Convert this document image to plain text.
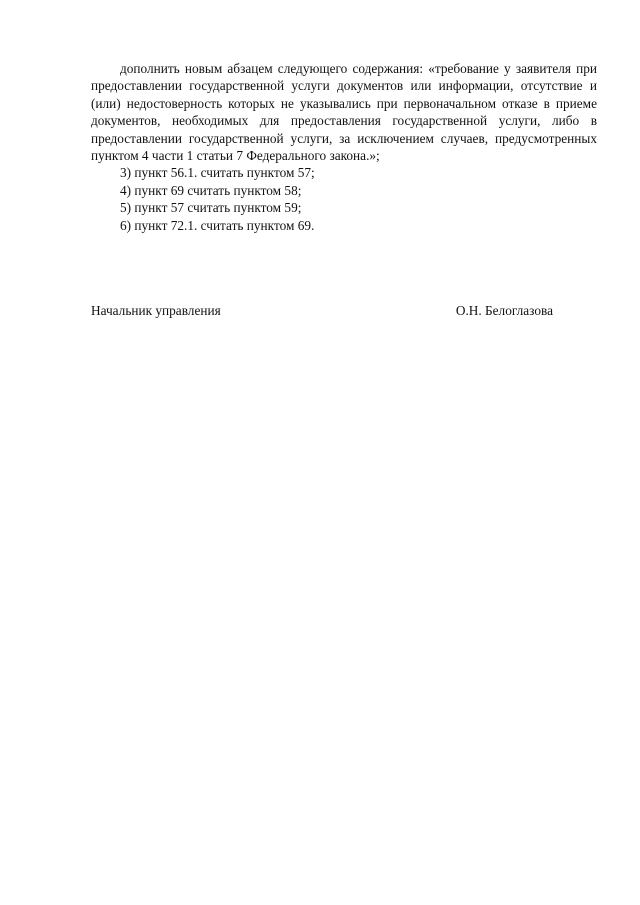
дополнить новым абзацем следующего содержания: «требование у заявителя при предоставлении государственной услуги документов или информации, отсутствие и (или) недостоверность которых не указывались при первоначальном отказе в приеме документов, необходимых для предоставления государственной услуги, либо в предоставлении государственной услуги, за исключением случаев, предусмотренных пунктом 4 части 1 статьи 7 Федерального закона.»;

3) пункт 56.1. считать пунктом 57;

4) пункт 69 считать пунктом 58;

5) пункт 57 считать пунктом 59;

6) пункт 72.1. считать пунктом 69.

Начальник управления	О.Н. Белоглазова
